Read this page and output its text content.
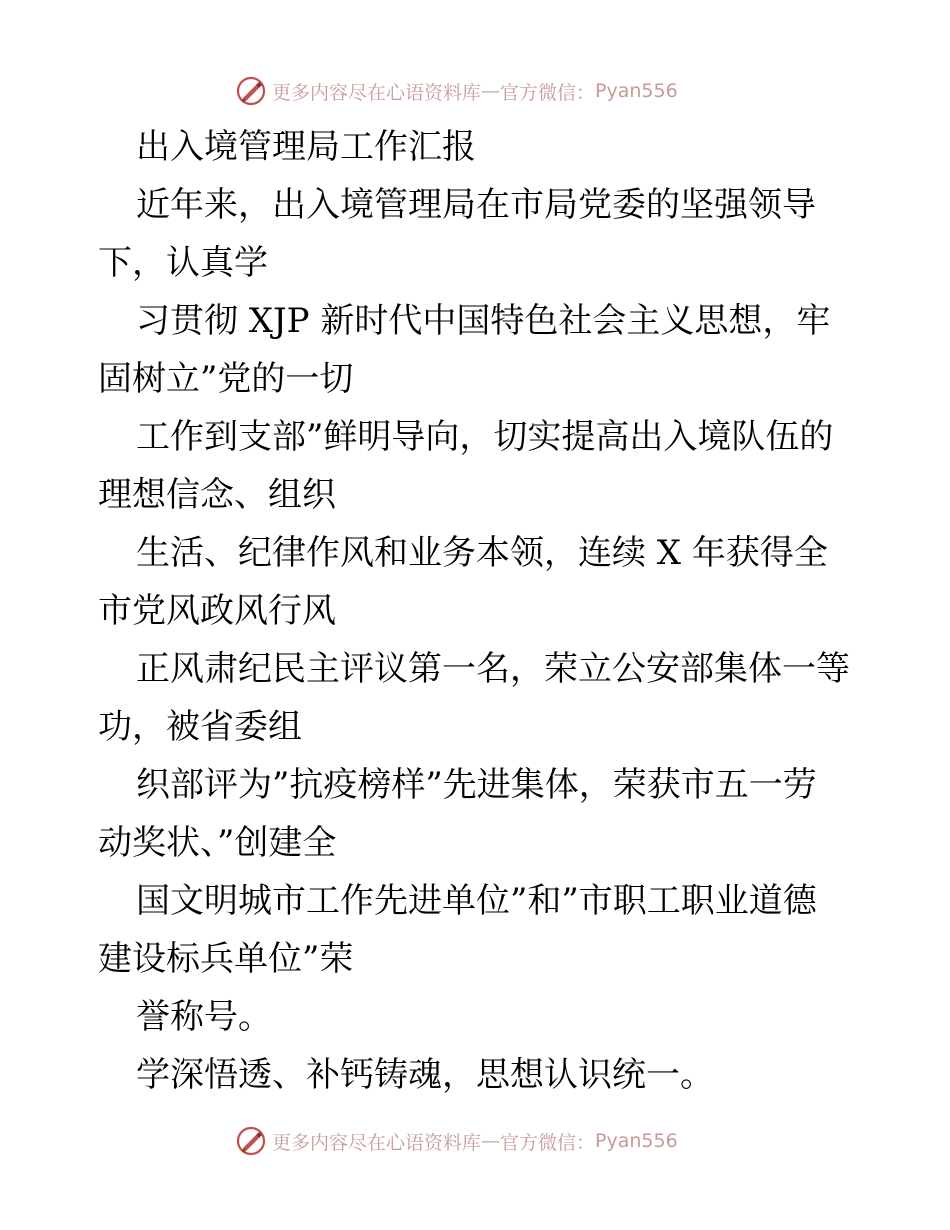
更多内容尽在心语资料库 — 官方微信： Pyan556

出入境管理局工作汇报

近年来，出入境管理局在市局党委的坚强领导

下，认真学

习贯彻 XJP 新时代中国特色社会主义思想，牢

固树立”党的一切

工作到支部”鲜明导向，切实提高出入境队伍的

理想信念、组织

生活、纪律作风和业务本领，连续 X 年获得全

市党风政风行风

正风肃纪民主评议第一名，荣立公安部集体一等

功，被省委组

织部评为”抗疫榜样”先进集体，荣获市五一劳

动奖状、”创建全

国文明城市工作先进单位”和”市职工职业道德

建设标兵单位”荣

誉称号。

学深悟透、补钙铸魂，思想认识统一。

更多内容尽在心语资料库 — 官方微信： Pyan556
